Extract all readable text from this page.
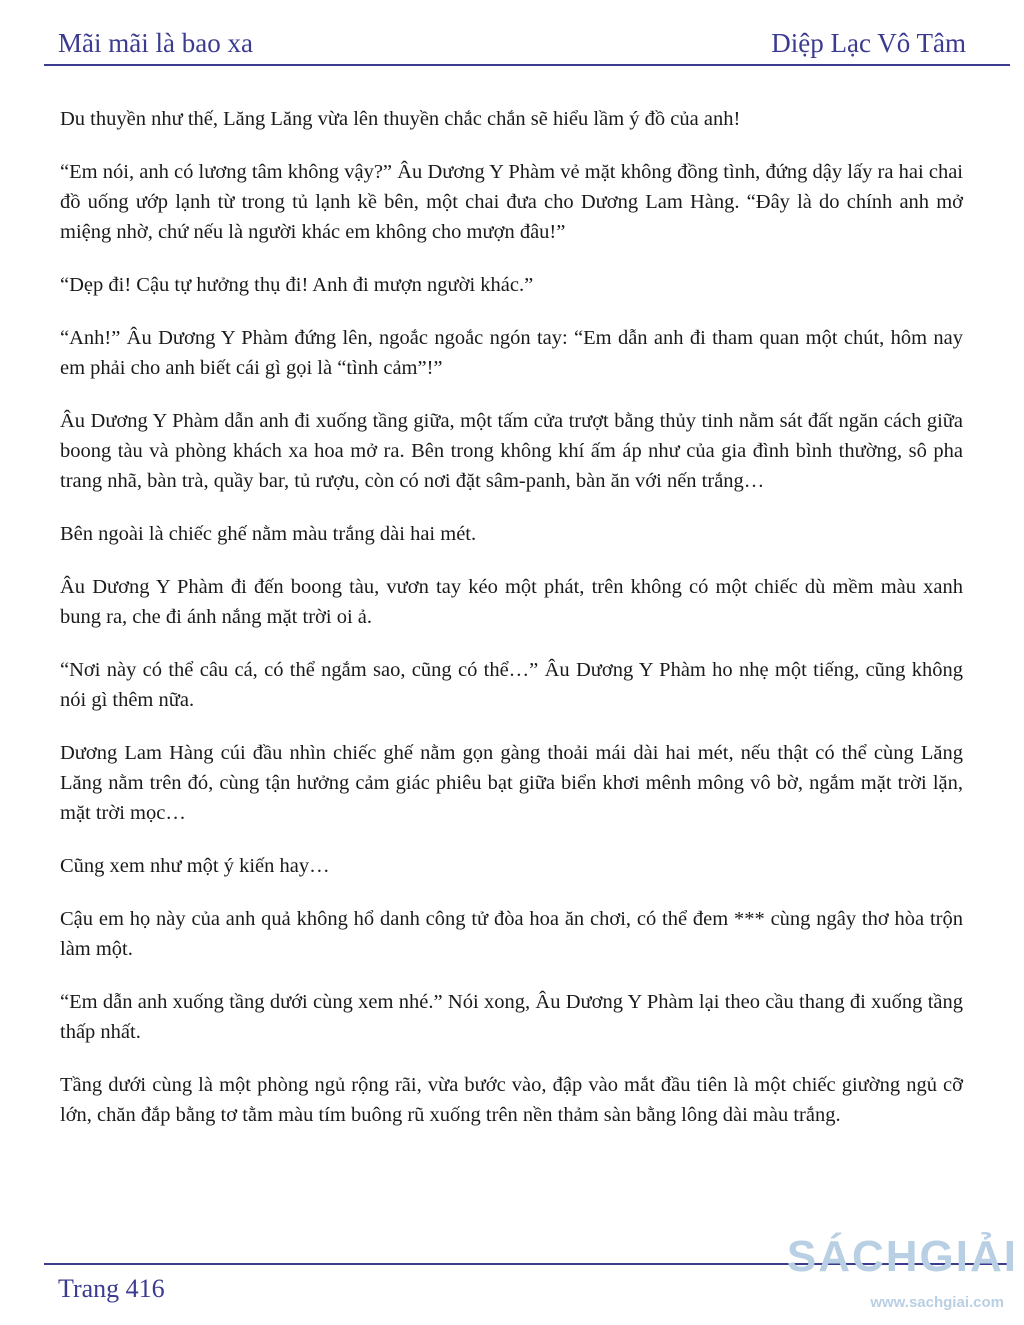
Mãi mãi là bao xa	Diệp Lạc Vô Tâm

Du thuyền như thế, Lăng Lăng vừa lên thuyền chắc chắn sẽ hiểu lầm ý đồ của anh!

“Em nói, anh có lương tâm không vậy?” Âu Dương Y Phàm vẻ mặt không đồng tình, đứng dậy lấy ra hai chai đồ uống ướp lạnh từ trong tủ lạnh kề bên, một chai đưa cho Dương Lam Hàng. “Đây là do chính anh mở miệng nhờ, chứ nếu là người khác em không cho mượn đâu!”

“Dẹp đi! Cậu tự hưởng thụ đi! Anh đi mượn người khác.”

“Anh!” Âu Dương Y Phàm đứng lên, ngoắc ngoắc ngón tay: “Em dẫn anh đi tham quan một chút, hôm nay em phải cho anh biết cái gì gọi là “tình cảm”!”

Âu Dương Y Phàm dẫn anh đi xuống tầng giữa, một tấm cửa trượt bằng thủy tinh nằm sát đất ngăn cách giữa boong tàu và phòng khách xa hoa mở ra. Bên trong không khí ấm áp như của gia đình bình thường, sô pha trang nhã, bàn trà, quầy bar, tủ rượu, còn có nơi đặt sâm-panh, bàn ăn với nến trắng…

Bên ngoài là chiếc ghế nằm màu trắng dài hai mét.

Âu Dương Y Phàm đi đến boong tàu, vươn tay kéo một phát, trên không có một chiếc dù mềm màu xanh bung ra, che đi ánh nắng mặt trời oi ả.

“Nơi này có thể câu cá, có thể ngắm sao, cũng có thể…” Âu Dương Y Phàm ho nhẹ một tiếng, cũng không nói gì thêm nữa.

Dương Lam Hàng cúi đầu nhìn chiếc ghế nằm gọn gàng thoải mái dài hai mét, nếu thật có thể cùng Lăng Lăng nằm trên đó, cùng tận hưởng cảm giác phiêu bạt giữa biển khơi mênh mông vô bờ, ngắm mặt trời lặn, mặt trời mọc…

Cũng xem như một ý kiến hay…

Cậu em họ này của anh quả không hổ danh công tử đòa hoa ăn chơi, có thể đem *** cùng ngây thơ hòa trộn làm một.

“Em dẫn anh xuống tầng dưới cùng xem nhé.” Nói xong, Âu Dương Y Phàm lại theo cầu thang đi xuống tầng thấp nhất.

Tầng dưới cùng là một phòng ngủ rộng rãi, vừa bước vào, đập vào mắt đầu tiên là một chiếc giường ngủ cỡ lớn, chăn đắp bằng tơ tằm màu tím buông rũ xuống trên nền thảm sàn bằng lông dài màu trắng.

Trang 416
SÁCHGIẢI
www.sachgiai.com
